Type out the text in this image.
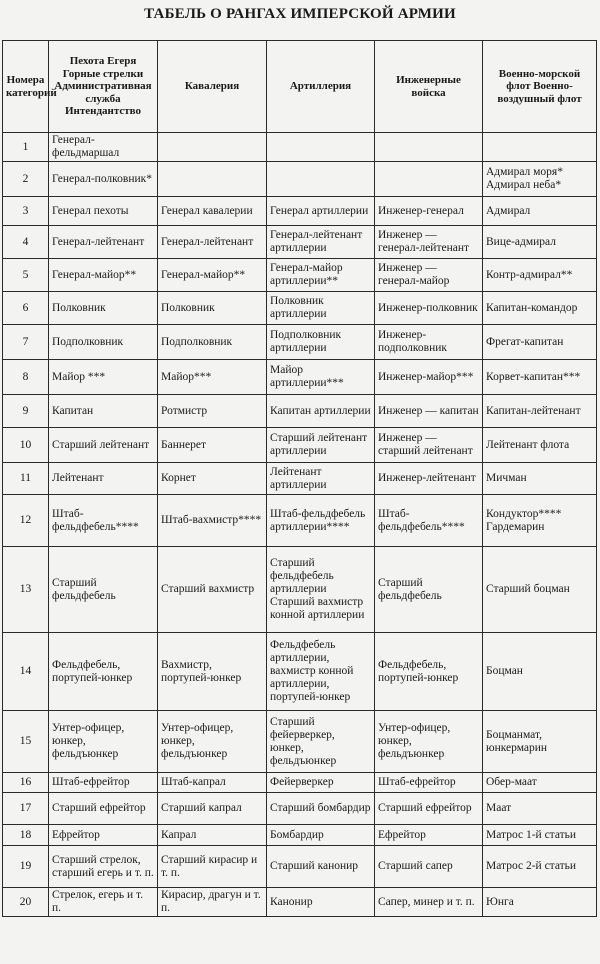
ТАБЕЛЬ О РАНГАХ ИМПЕРСКОЙ АРМИИ
Номера категорий	Пехота Егеря Горные стрелки Административная служба Интендантство	Кавалерия	Артиллерия	Инженерные войска	Военно-морской флот Военно-воздушный флот
1	Генерал-фельдмаршал				
2	Генерал-полковник*				Адмирал моря* Адмирал неба*
3	Генерал пехоты	Генерал кавалерии	Генерал артиллерии	Инженер-генерал	Адмирал
4	Генерал-лейтенант	Генерал-лейтенант	Генерал-лейтенант артиллерии	Инженер — генерал-лейтенант	Вице-адмирал
5	Генерал-майор**	Генерал-майор**	Генерал-майор артиллерии**	Инженер — генерал-майор	Контр-адмирал**
6	Полковник	Полковник	Полковник артиллерии	Инженер-полковник	Капитан-командор
7	Подполковник	Подполковник	Подполковник артиллерии	Инженер-подполковник	Фрегат-капитан
8	Майор ***	Майор***	Майор артиллерии***	Инженер-майор***	Корвет-капитан***
9	Капитан	Ротмистр	Капитан артиллерии	Инженер — капитан	Капитан-лейтенант
10	Старший лейтенант	Баннерет	Старший лейтенант артиллерии	Инженер — старший лейтенант	Лейтенант флота
11	Лейтенант	Корнет	Лейтенант артиллерии	Инженер-лейтенант	Мичман
12	Штаб-фельдфебель****	Штаб-вахмистр****	Штаб-фельдфебель артиллерии****	Штаб-фельдфебель****	Кондуктор**** Гардемарин
13	Старший фельдфебель	Старший вахмистр	Старший фельдфебель артиллерии Старший вахмистр конной артиллерии	Старший фельдфебель	Старший боцман
14	Фельдфебель, портупей-юнкер	Вахмистр, портупей-юнкер	Фельдфебель артиллерии, вахмистр конной артиллерии, портупей-юнкер	Фельдфебель, портупей-юнкер	Боцман
15	Унтер-офицер, юнкер, фельдъюнкер	Унтер-офицер, юнкер, фельдъюнкер	Старший фейерверкер, юнкер, фельдъюнкер	Унтер-офицер, юнкер, фельдъюнкер	Боцманмат, юнкермарин
16	Штаб-ефрейтор	Штаб-капрал	Фейерверкер	Штаб-ефрейтор	Обер-маат
17	Старший ефрейтор	Старший капрал	Старший бомбардир	Старший ефрейтор	Маат
18	Ефрейтор	Капрал	Бомбардир	Ефрейтор	Матрос 1-й статьи
19	Старший стрелок, старший егерь и т. п.	Старший кирасир и т. п.	Старший канонир	Старший сапер	Матрос 2-й статьи
20	Стрелок, егерь и т. п.	Кирасир, драгун и т. п.	Канонир	Сапер, минер и т. п.	Юнга
